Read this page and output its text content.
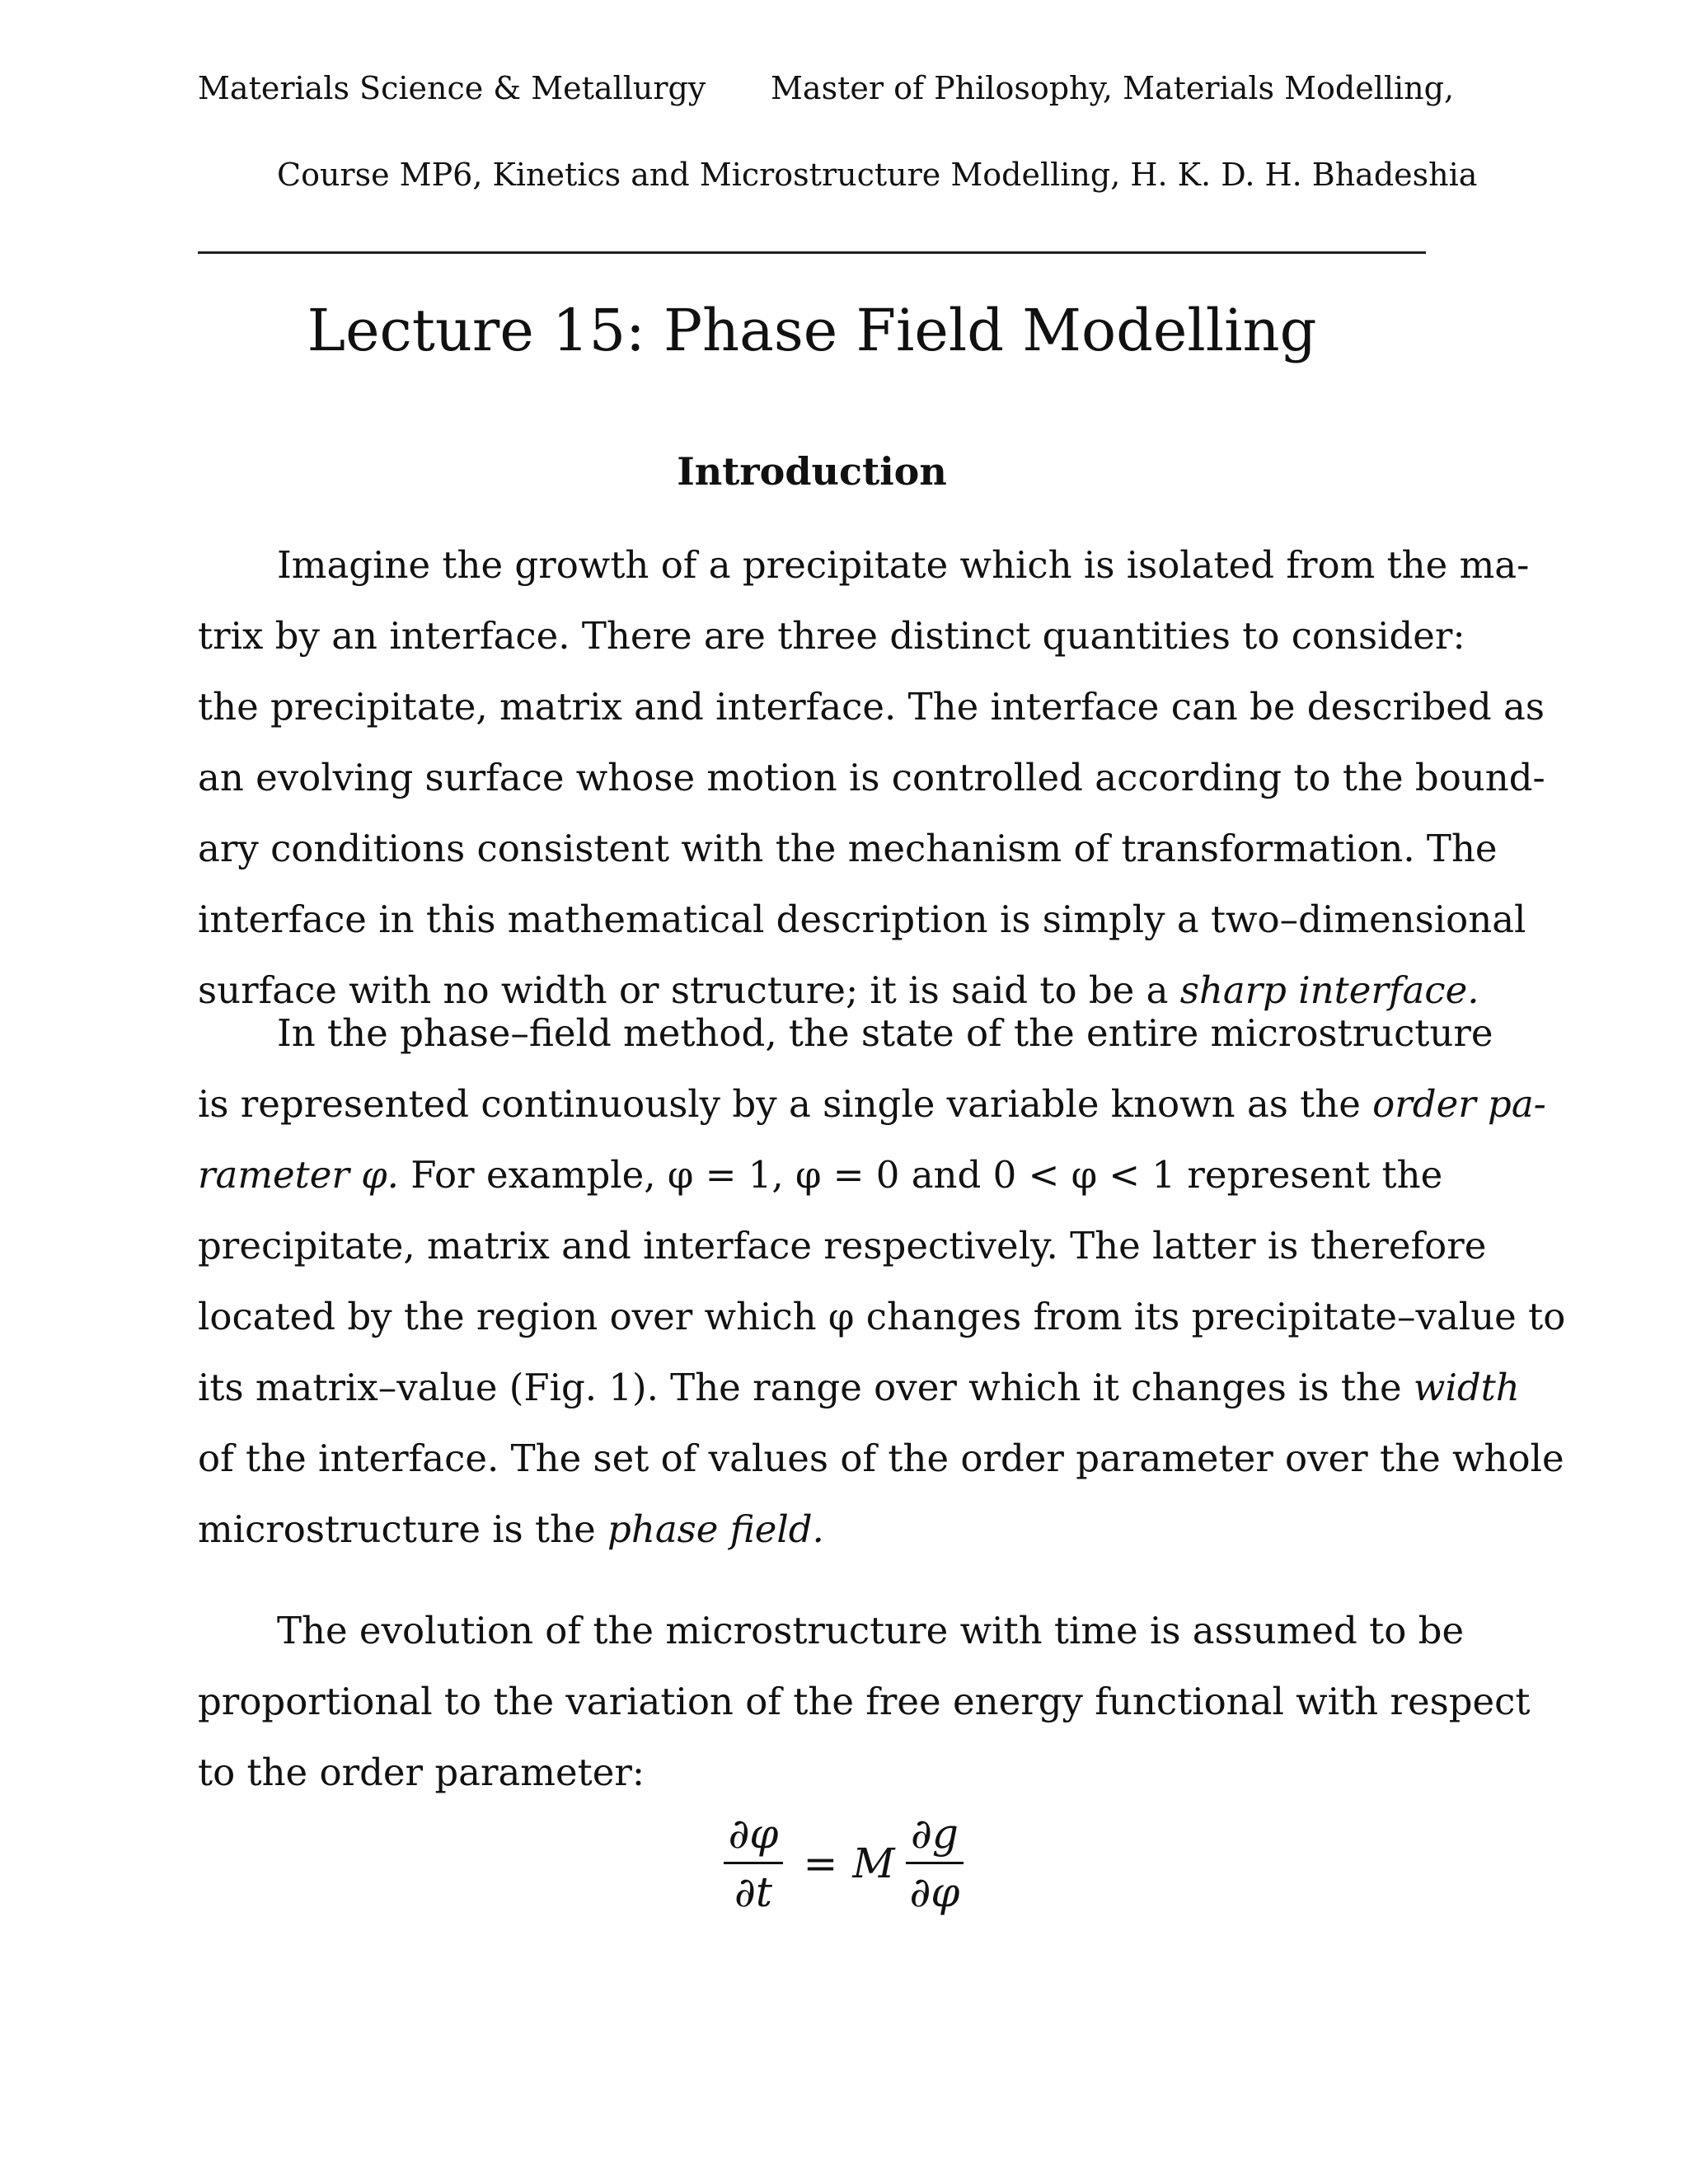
Materials Science & Metallurgy Master of Philosophy, Materials Modelling,
Course MP6, Kinetics and Microstructure Modelling, H. K. D. H. Bhadeshia
Lecture 15: Phase Field Modelling
Introduction
Imagine the growth of a precipitate which is isolated from the ma-
trix by an interface. There are three distinct quantities to consider:
the precipitate, matrix and interface. The interface can be described as
an evolving surface whose motion is controlled according to the bound-
ary conditions consistent with the mechanism of transformation. The
interface in this mathematical description is simply a two–dimensional
surface with no width or structure; it is said to be a sharp interface.
In the phase–field method, the state of the entire microstructure
is represented continuously by a single variable known as the order pa-
rameter φ. For example, φ = 1, φ = 0 and 0 < φ < 1 represent the
precipitate, matrix and interface respectively. The latter is therefore
located by the region over which φ changes from its precipitate–value to
its matrix–value (Fig. 1). The range over which it changes is the width
of the interface. The set of values of the order parameter over the whole
microstructure is the phase field.
The evolution of the microstructure with time is assumed to be
proportional to the variation of the free energy functional with respect
to the order parameter:
$\frac{\partial\varphi}{\partial t} = M \frac{\partial g}{\partial\varphi}$
